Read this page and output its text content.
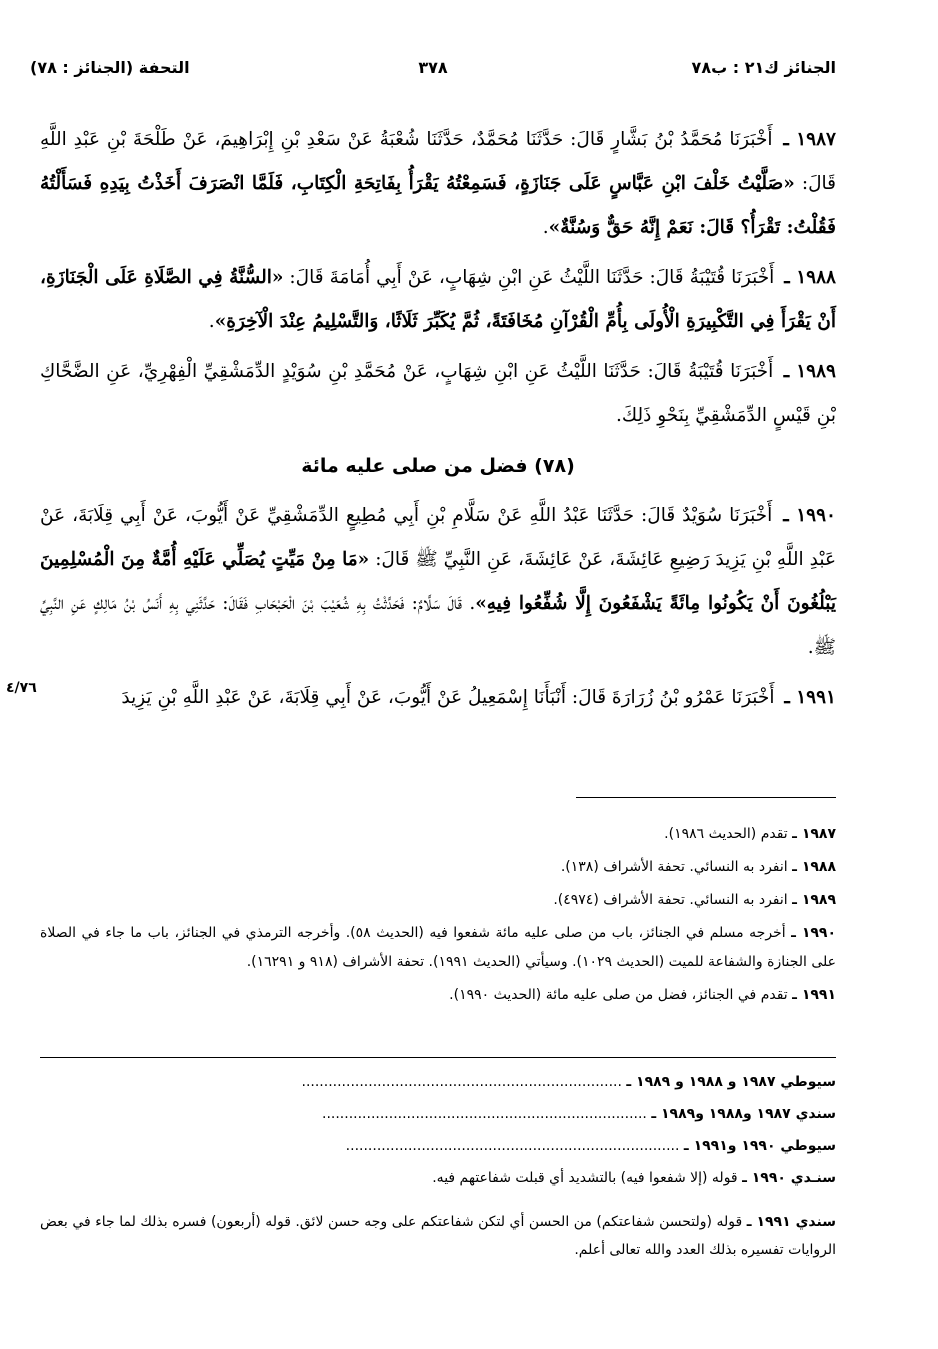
الجنائز ك٢١ : ب٧٨
٣٧٨
التحفة (الجنائز : ٧٨)

١٩٨٧ ـ أَخْبَرَنَا مُحَمَّدُ بْنُ بَشَّارٍ قَالَ: حَدَّثَنَا مُحَمَّدٌ، حَدَّثَنَا شُعْبَةُ عَنْ سَعْدِ بْنِ إِبْرَاهِيمَ، عَنْ طَلْحَةَ بْنِ عَبْدِ اللَّهِ قَالَ: «صَلَّيْتُ خَلْفَ ابْنِ عَبَّاسٍ عَلَى جَنَازَةٍ، فَسَمِعْتُهُ يَقْرَأُ بِفَاتِحَةِ الْكِتَابِ، فَلَمَّا انْصَرَفَ أَخَذْتُ بِيَدِهِ فَسَأَلْتُهُ فَقُلْتُ: تَقْرَأُ؟ قَالَ: نَعَمْ إِنَّهُ حَقٌّ وَسُنَّةٌ».

١٩٨٨ ـ أَخْبَرَنَا قُتَيْبَةُ قَالَ: حَدَّثَنَا اللَّيْثُ عَنِ ابْنِ شِهَابٍ، عَنْ أَبِي أُمَامَةَ قَالَ: «السُّنَّةُ فِي الصَّلَاةِ عَلَى الْجَنَازَةِ، أَنْ يَقْرَأَ فِي التَّكْبِيرَةِ الْأُولَى بِأُمِّ الْقُرْآنِ مُخَافَتَةً، ثُمَّ يُكَبِّرَ ثَلَاثًا، وَالتَّسْلِيمُ عِنْدَ الْآخِرَةِ».

١٩٨٩ ـ أَخْبَرَنَا قُتَيْبَةُ قَالَ: حَدَّثَنَا اللَّيْثُ عَنِ ابْنِ شِهَابٍ، عَنْ مُحَمَّدِ بْنِ سُوَيْدٍ الدِّمَشْقِيِّ الْفِهْرِيِّ، عَنِ الضَّحَّاكِ بْنِ قَيْسٍ الدِّمَشْقِيِّ بِنَحْوِ ذَلِكَ.

(٧٨) فضل من صلى عليه مائة

١٩٩٠ ـ أَخْبَرَنَا سُوَيْدٌ قَالَ: حَدَّثَنَا عَبْدُ اللَّهِ عَنْ سَلَّامِ بْنِ أَبِي مُطِيعٍ الدِّمَشْقِيِّ عَنْ أَيُّوبَ، عَنْ أَبِي قِلَابَةَ، عَنْ عَبْدِ اللَّهِ بْنِ يَزِيدَ رَضِيعِ عَائِشَةَ، عَنْ عَائِشَةَ، عَنِ النَّبِيِّ ﷺ قَالَ: «مَا مِنْ مَيِّتٍ يُصَلِّي عَلَيْهِ أُمَّةٌ مِنَ الْمُسْلِمِينَ يَبْلُغُونَ أَنْ يَكُونُوا مِائَةً يَشْفَعُونَ إِلَّا شُفِّعُوا فِيهِ». قَالَ سَلَّامٌ: فَحَدَّثْتُ بِهِ شُعَيْبَ بْنَ الْحَبْحَابِ فَقَالَ: حَدَّثَنِي بِهِ أَنَسُ بْنُ مَالِكٍ عَنِ النَّبِيِّ ﷺ.

١٩٩١ ـ أَخْبَرَنَا عَمْرُو بْنُ زُرَارَةَ قَالَ: أَنْبَأَنَا إِسْمَعِيلُ عَنْ أَيُّوبَ، عَنْ أَبِي قِلَابَةَ، عَنْ عَبْدِ اللَّهِ بْنِ يَزِيدَ

٤/٧٦

١٩٨٧ ـ تقدم (الحديث ١٩٨٦).

١٩٨٨ ـ انفرد به النسائي. تحفة الأشراف (١٣٨).

١٩٨٩ ـ انفرد به النسائي. تحفة الأشراف (٤٩٧٤).

١٩٩٠ ـ أخرجه مسلم في الجنائز، باب من صلى عليه مائة شفعوا فيه (الحديث ٥٨). وأخرجه الترمذي في الجنائز، باب ما جاء في الصلاة على الجنازة والشفاعة للميت (الحديث ١٠٢٩). وسيأتي (الحديث ١٩٩١). تحفة الأشراف (٩١٨ و ١٦٢٩١).

١٩٩١ ـ تقدم في الجنائز، فضل من صلى عليه مائة (الحديث ١٩٩٠).

سيوطي ١٩٨٧ و ١٩٨٨ و ١٩٨٩ ـ ........................................................................
سندي ١٩٨٧ و١٩٨٨ و١٩٨٩ ـ .........................................................................
سيوطي ١٩٩٠ و١٩٩١ ـ ...........................................................................
سنـدي ١٩٩٠ ـ قوله (إلا شفعوا فيه) بالتشديد أي قبلت شفاعتهم فيه.

سندي ١٩٩١ ـ قوله (ولتحسن شفاعتكم) من الحسن أي لتكن شفاعتكم على وجه حسن لائق. قوله (أربعون) فسره بذلك لما جاء في بعض الروايات تفسيره بذلك العدد والله تعالى أعلم.
